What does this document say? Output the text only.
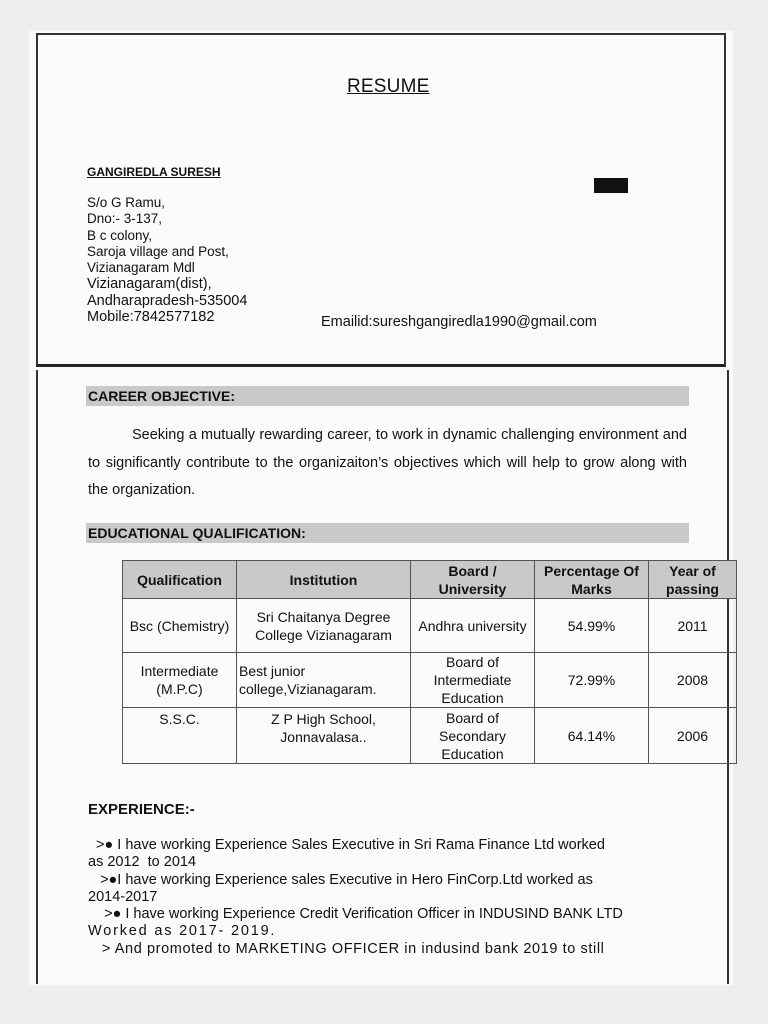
RESUME
GANGIREDLA SURESH
S/o G Ramu,
Dno:- 3-137,
B c colony,
Saroja village and Post,
Vizianagaram Mdl
Vizianagaram(dist),
Andharapradesh-535004
Mobile:7842577182	Emailid:sureshgangiredla1990@gmail.com
CAREER OBJECTIVE:
Seeking a mutually rewarding career, to work in dynamic challenging environment and to significantly contribute to the organizaiton’s objectives which will help to grow along with the organization.
EDUCATIONAL QUALIFICATION:
Qualification	Institution	Board / University	Percentage Of Marks	Year of passing
Bsc (Chemistry)	Sri Chaitanya Degree College Vizianagaram	Andhra university	54.99%	2011
Intermediate (M.P.C)	Best junior college,Vizianagaram.	Board of Intermediate Education	72.99%	2008
S.S.C.	Z P High School, Jonnavalasa..	Board of Secondary Education	64.14%	2006
EXPERIENCE:-
>● I have working Experience Sales Executive in Sri Rama Finance Ltd worked
as 2012  to 2014
>●I have working Experience sales Executive in Hero FinCorp.Ltd worked as
2014-2017
>● I have working Experience Credit Verification Officer in INDUSIND BANK LTD
Worked as 2017- 2019.
> And promoted to MARKETING OFFICER in indusind bank 2019 to still
